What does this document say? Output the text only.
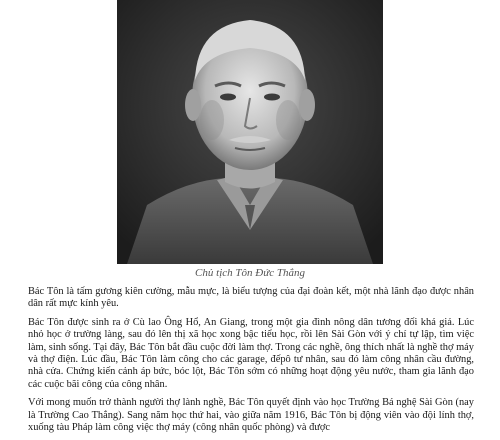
Chủ tịch Tôn Đức Thắng

Bác Tôn là tấm gương kiên cường, mẫu mực, là biểu tượng của đại đoàn kết, một nhà lãnh đạo được nhân dân rất mực kính yêu.

Bác Tôn được sinh ra ở Cù lao Ông Hổ, An Giang, trong một gia đình nông dân tương đối khá giả. Lúc nhỏ học ở trường làng, sau đó lên thị xã học xong bậc tiểu học, rồi lên Sài Gòn với ý chí tự lập, tìm việc làm, sinh sống. Tại đây, Bác Tôn bắt đầu cuộc đời làm thợ. Trong các nghề, ông thích nhất là nghề thợ máy và thợ điện. Lúc đầu, Bác Tôn làm công cho các garage, đếpô tư nhân, sau đó làm công nhân cầu đường, nhà cửa. Chứng kiến cảnh áp bức, bóc lột, Bác Tôn sớm có những hoạt động yêu nước, tham gia lãnh đạo các cuộc bãi công của công nhân.

Với mong muốn trở thành người thợ lành nghề, Bác Tôn quyết định vào học Trường Bá nghệ Sài Gòn (nay là Trường Cao Thắng). Sang năm học thứ hai, vào giữa năm 1916, Bác Tôn bị động viên vào đội lính thợ, xuống tàu Pháp làm công việc thợ máy (công nhân quốc phòng) và được
